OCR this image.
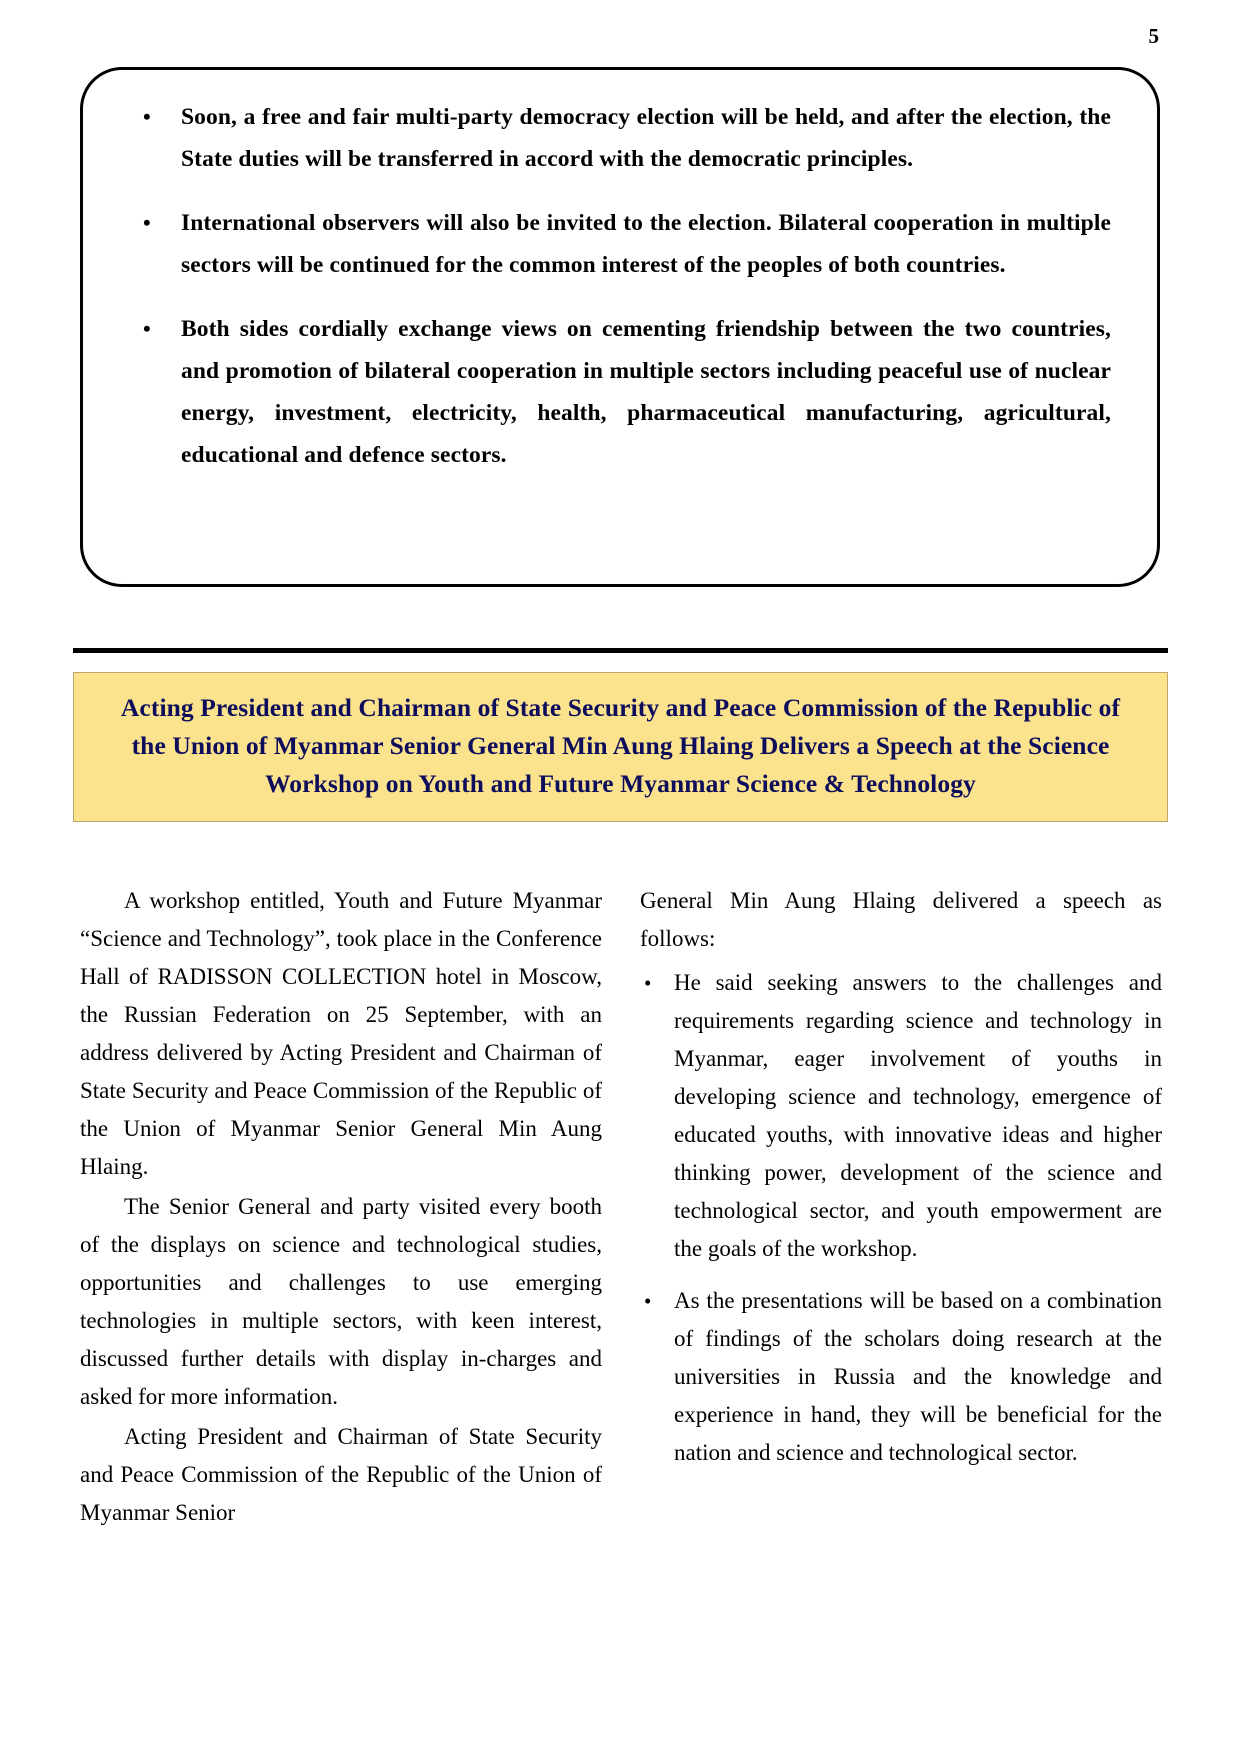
5
• Soon, a free and fair multi-party democracy election will be held, and after the election, the State duties will be transferred in accord with the democratic principles.
• International observers will also be invited to the election. Bilateral cooperation in multiple sectors will be continued for the common interest of the peoples of both countries.
• Both sides cordially exchange views on cementing friendship between the two countries, and promotion of bilateral cooperation in multiple sectors including peaceful use of nuclear energy, investment, electricity, health, pharmaceutical manufacturing, agricultural, educational and defence sectors.
Acting President and Chairman of State Security and Peace Commission of the Republic of the Union of Myanmar Senior General Min Aung Hlaing Delivers a Speech at the Science Workshop on Youth and Future Myanmar Science & Technology

A workshop entitled, Youth and Future Myanmar “Science and Technology”, took place in the Conference Hall of RADISSON COLLECTION hotel in Moscow, the Russian Federation on 25 September, with an address delivered by Acting President and Chairman of State Security and Peace Commission of the Republic of the Union of Myanmar Senior General Min Aung Hlaing.

The Senior General and party visited every booth of the displays on science and technological studies, opportunities and challenges to use emerging technologies in multiple sectors, with keen interest, discussed further details with display in-charges and asked for more information.

Acting President and Chairman of State Security and Peace Commission of the Republic of the Union of Myanmar Senior

General Min Aung Hlaing delivered a speech as follows:

• He said seeking answers to the challenges and requirements regarding science and technology in Myanmar, eager involvement of youths in developing science and technology, emergence of educated youths, with innovative ideas and higher thinking power, development of the science and technological sector, and youth empowerment are the goals of the workshop.
• As the presentations will be based on a combination of findings of the scholars doing research at the universities in Russia and the knowledge and experience in hand, they will be beneficial for the nation and science and technological sector.
